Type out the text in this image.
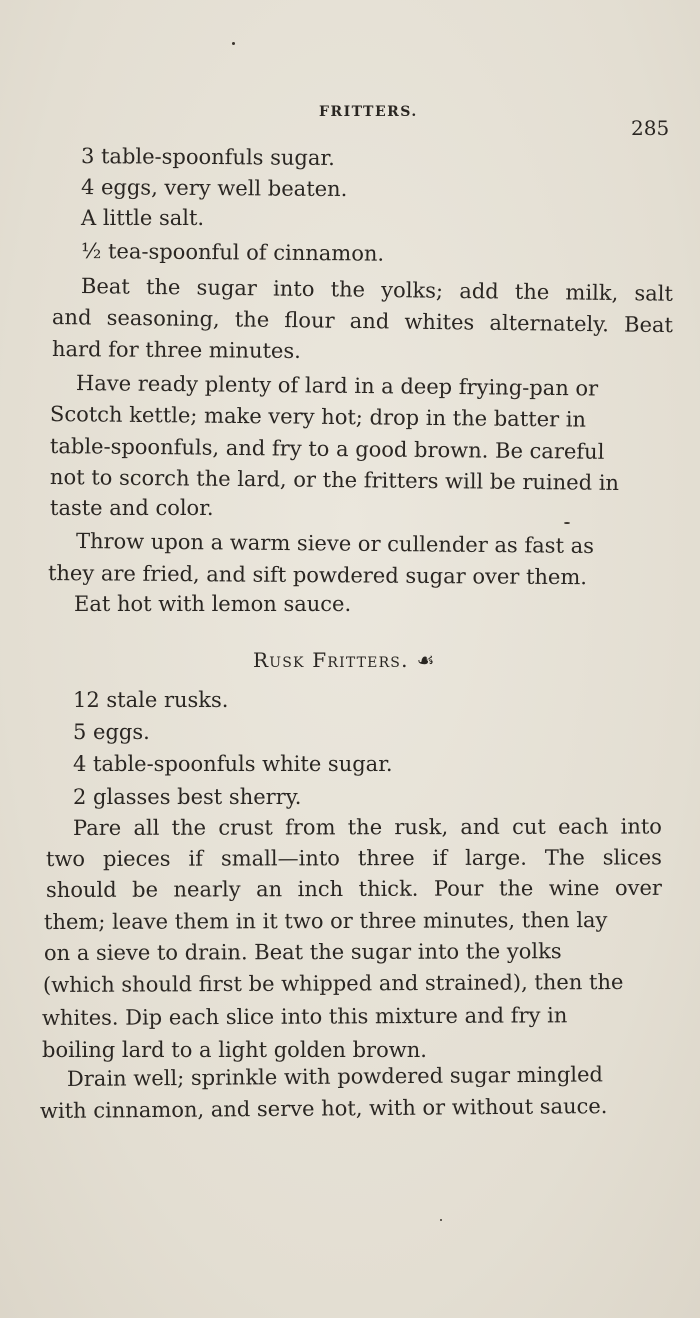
FRITTERS.
285
3 table-spoonfuls sugar.
4 eggs, very well beaten.
A little salt.
½ tea-spoonful of cinnamon.
Beat the sugar into the yolks; add the milk, salt
and seasoning, the flour and whites alternately. Beat
hard for three minutes.
Have ready plenty of lard in a deep frying-pan or
Scotch kettle; make very hot; drop in the batter in
table-spoonfuls, and fry to a good brown. Be careful
not to scorch the lard, or the fritters will be ruined in
taste and color.
Throw upon a warm sieve or cullender as fast as
they are fried, and sift powdered sugar over them.
Eat hot with lemon sauce.
Rusk Fritters. ☙
12 stale rusks.
5 eggs.
4 table-spoonfuls white sugar.
2 glasses best sherry.
Pare all the crust from the rusk, and cut each into
two pieces if small—into three if large. The slices
should be nearly an inch thick. Pour the wine over
them; leave them in it two or three minutes, then lay
on a sieve to drain. Beat the sugar into the yolks
(which should first be whipped and strained), then the
whites. Dip each slice into this mixture and fry in
boiling lard to a light golden brown.
Drain well; sprinkle with powdered sugar mingled
with cinnamon, and serve hot, with or without sauce.
